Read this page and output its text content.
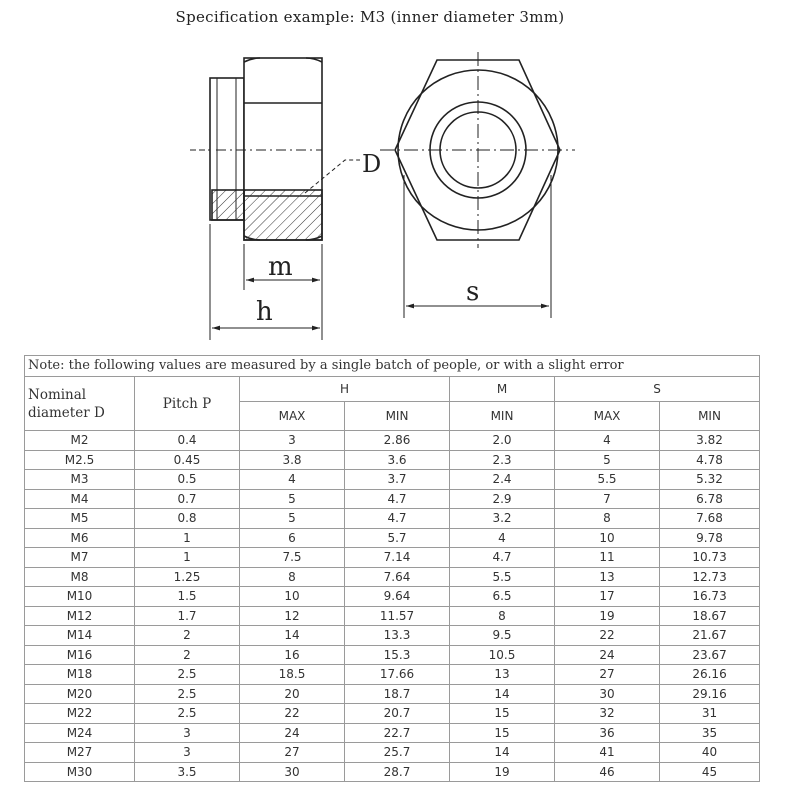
Specification example: M3 (inner diameter 3mm)
D
m
h
s
Note: the following values are measured by a single batch of people, or with a slight error						
Nominal diameter D	Pitch P	H		M	S	
		MAX	MIN	MIN	MAX	MIN
M2	0.4	3	2.86	2.0	4	3.82
M2.5	0.45	3.8	3.6	2.3	5	4.78
M3	0.5	4	3.7	2.4	5.5	5.32
M4	0.7	5	4.7	2.9	7	6.78
M5	0.8	5	4.7	3.2	8	7.68
M6	1	6	5.7	4	10	9.78
M7	1	7.5	7.14	4.7	11	10.73
M8	1.25	8	7.64	5.5	13	12.73
M10	1.5	10	9.64	6.5	17	16.73
M12	1.7	12	11.57	8	19	18.67
M14	2	14	13.3	9.5	22	21.67
M16	2	16	15.3	10.5	24	23.67
M18	2.5	18.5	17.66	13	27	26.16
M20	2.5	20	18.7	14	30	29.16
M22	2.5	22	20.7	15	32	31
M24	3	24	22.7	15	36	35
M27	3	27	25.7	14	41	40
M30	3.5	30	28.7	19	46	45
